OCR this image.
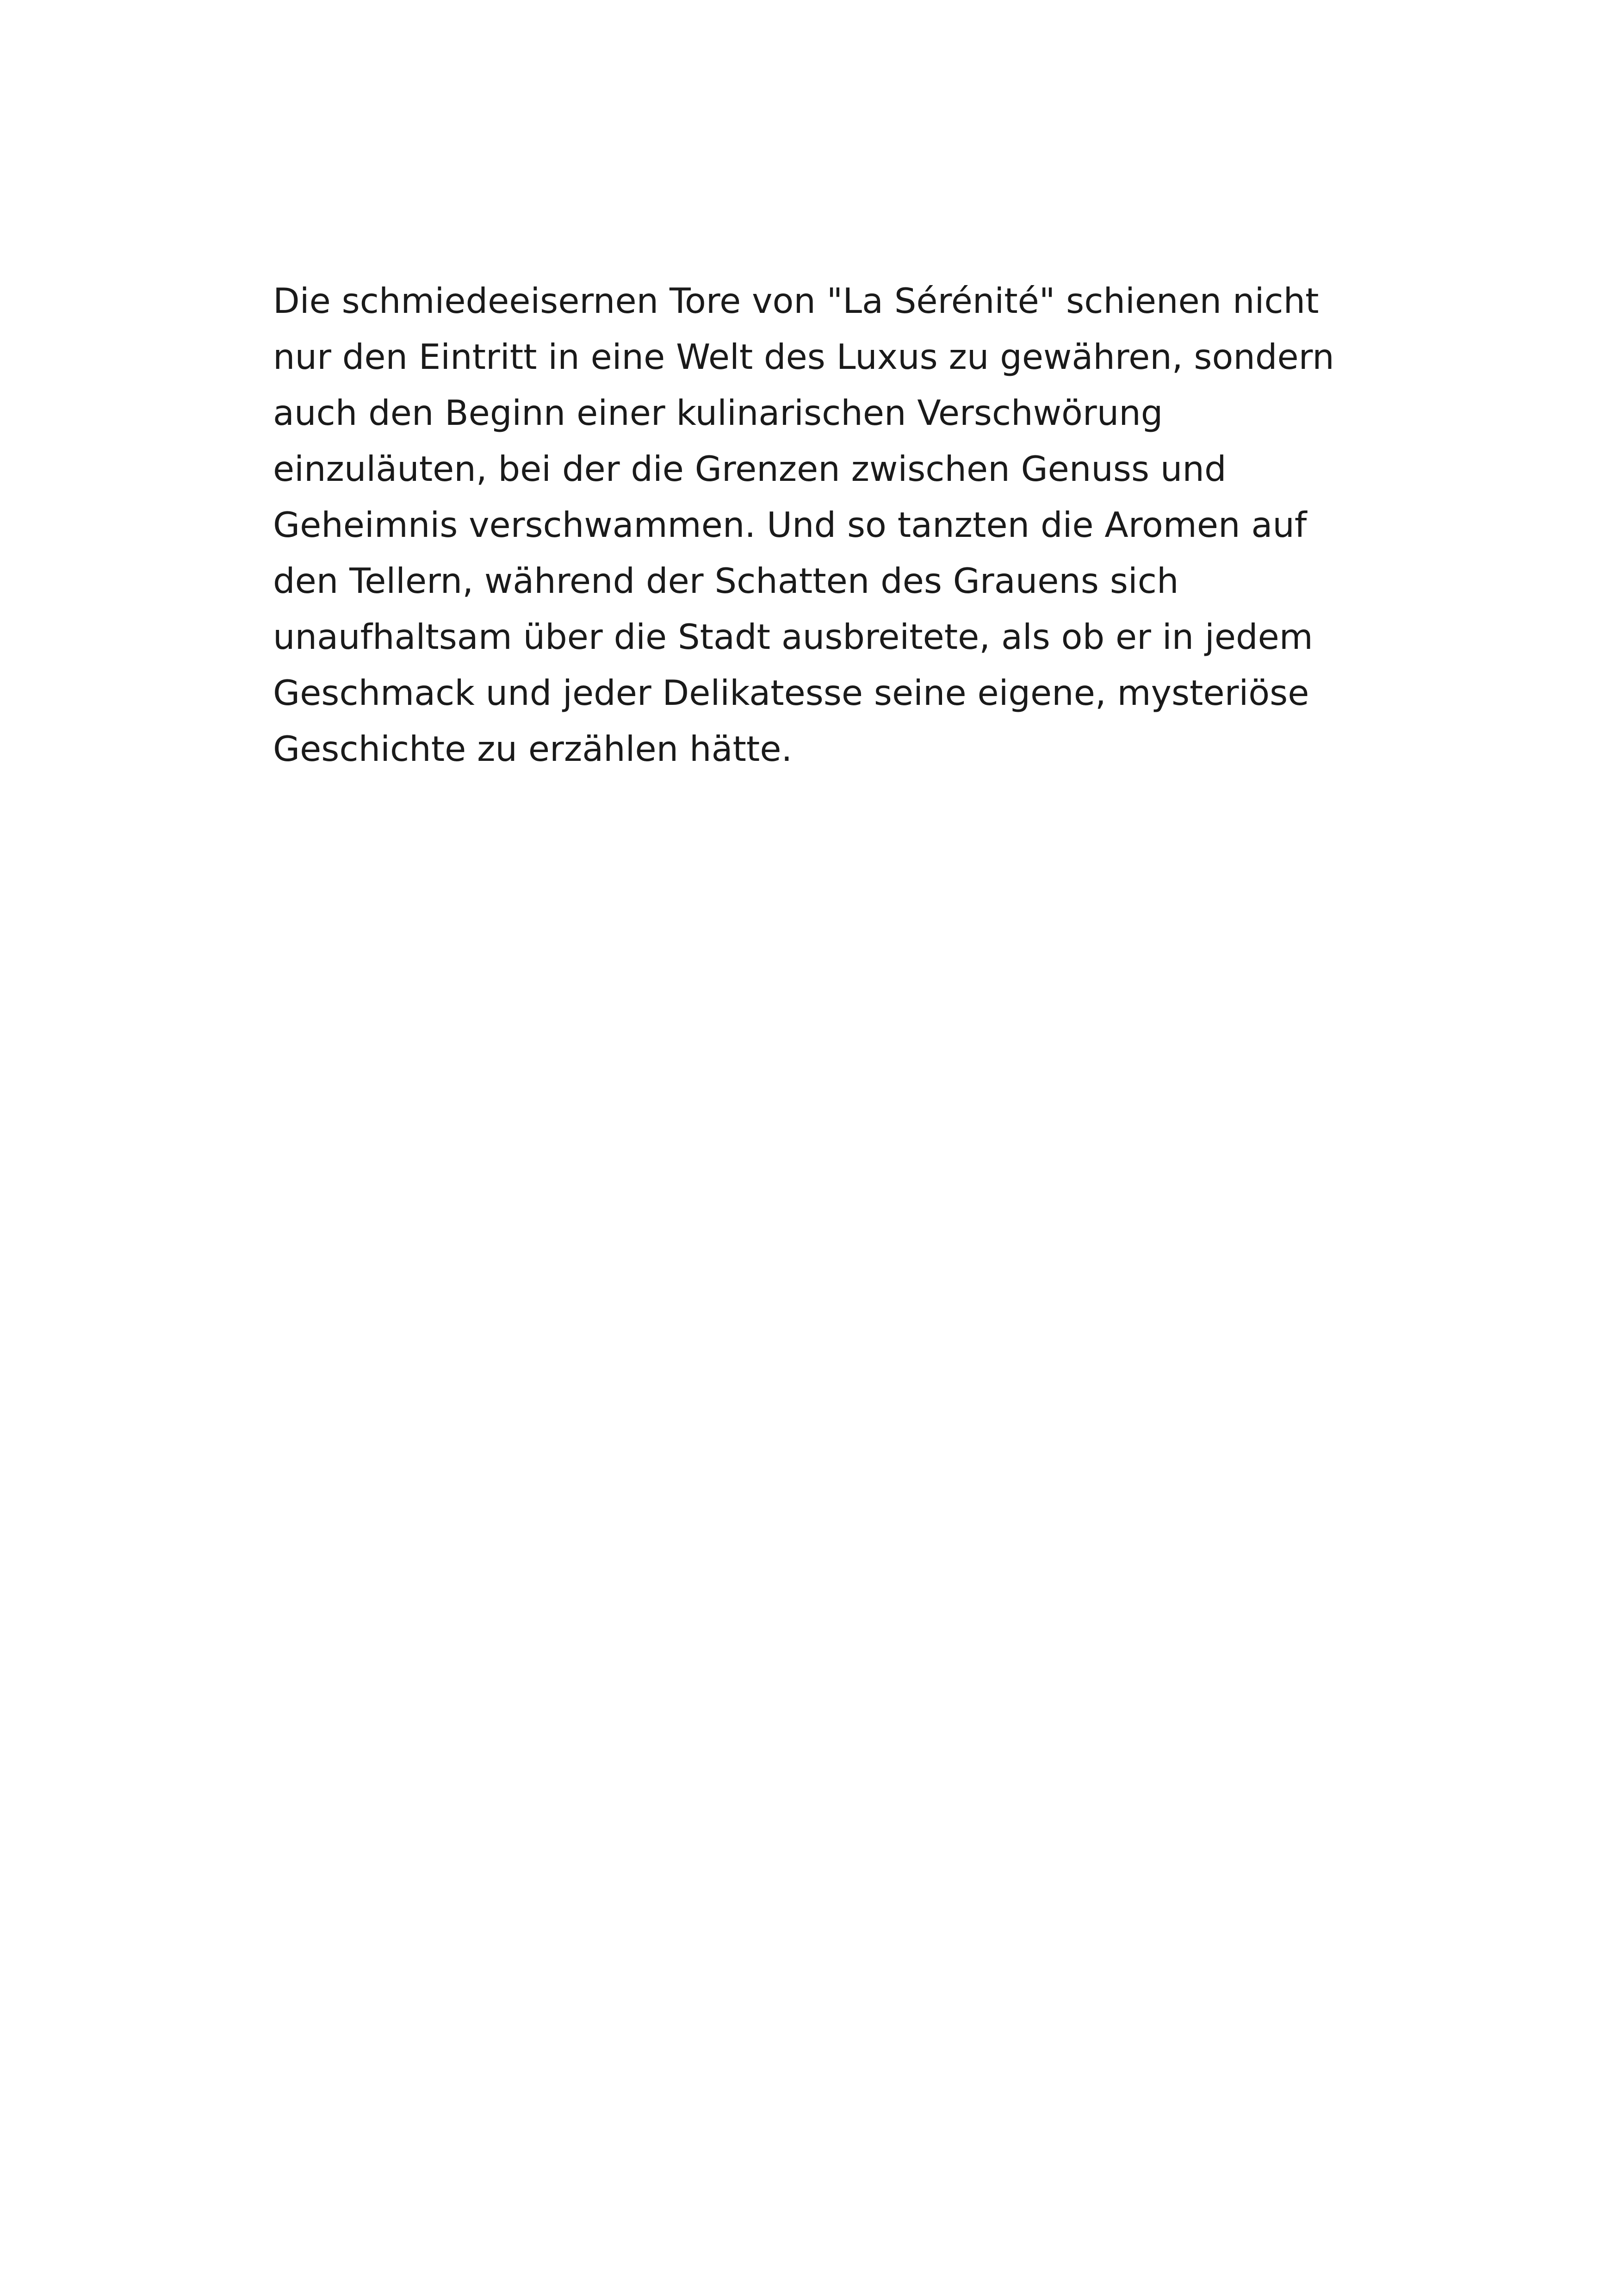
Die schmiedeeisernen Tore von "La Sérénité" schienen nicht
nur den Eintritt in eine Welt des Luxus zu gewähren, sondern
auch den Beginn einer kulinarischen Verschwörung
einzuläuten, bei der die Grenzen zwischen Genuss und
Geheimnis verschwammen. Und so tanzten die Aromen auf
den Tellern, während der Schatten des Grauens sich
unaufhaltsam über die Stadt ausbreitete, als ob er in jedem
Geschmack und jeder Delikatesse seine eigene, mysteriöse
Geschichte zu erzählen hätte.
